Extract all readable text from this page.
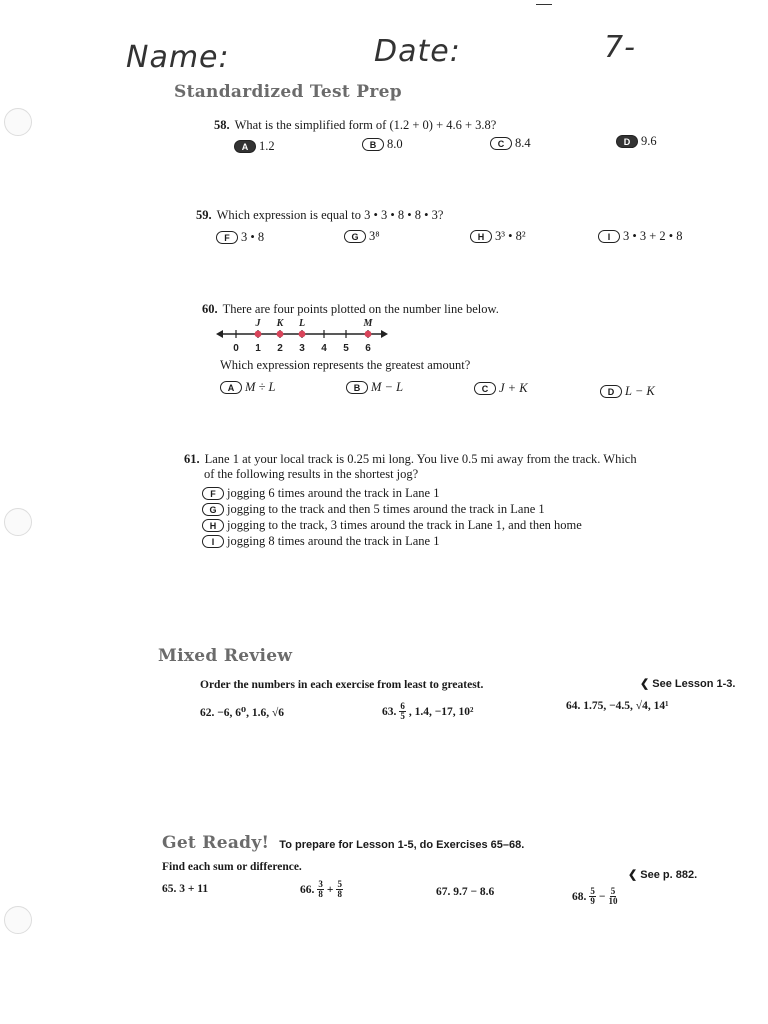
Name:	Date:	7-
Standardized Test Prep
58. What is the simplified form of (1.2 + 0) + 4.6 + 3.8?
A 1.2	B 8.0	C 8.4	D 9.6
59. Which expression is equal to 3 • 3 • 8 • 8 • 3?
F 3 • 8	G 3⁸	H 3³ • 8²	I	3 • 3 + 2 • 8
60. There are four points plotted on the number line below.
0 1 2 3 4 5 6
J K L	M
Which expression represents the greatest amount?
A M ÷ L	B M − L	C J + K	D L − K
61. Lane 1 at your local track is 0.25 mi long. You live 0.5 mi away from the track. Which
of the following results in the shortest jog?
F jogging 6 times around the track in Lane 1
G jogging to the track and then 5 times around the track in Lane 1
H jogging to the track, 3 times around the track in Lane 1, and then home
I	jogging 8 times around the track in Lane 1
Mixed Review
Order the numbers in each exercise from least to greatest.	❮ See Lesson 1-3.
62. −6, 6⁰, 1.6, √6	63. $\frac{6}{5}$ , 1.4, −17, 10²	64. 1.75, −4.5, √4, 14¹
Get Ready! To prepare for Lesson 1-5, do Exercises 65–68.
Find each sum or difference.
❮ See p. 882.
65. 3 + 11	66. $\frac{3}{8} + \frac{5}{8}$	67. 9.7 − 8.6	68. $\frac{5}{9} - \frac{5}{10}$
